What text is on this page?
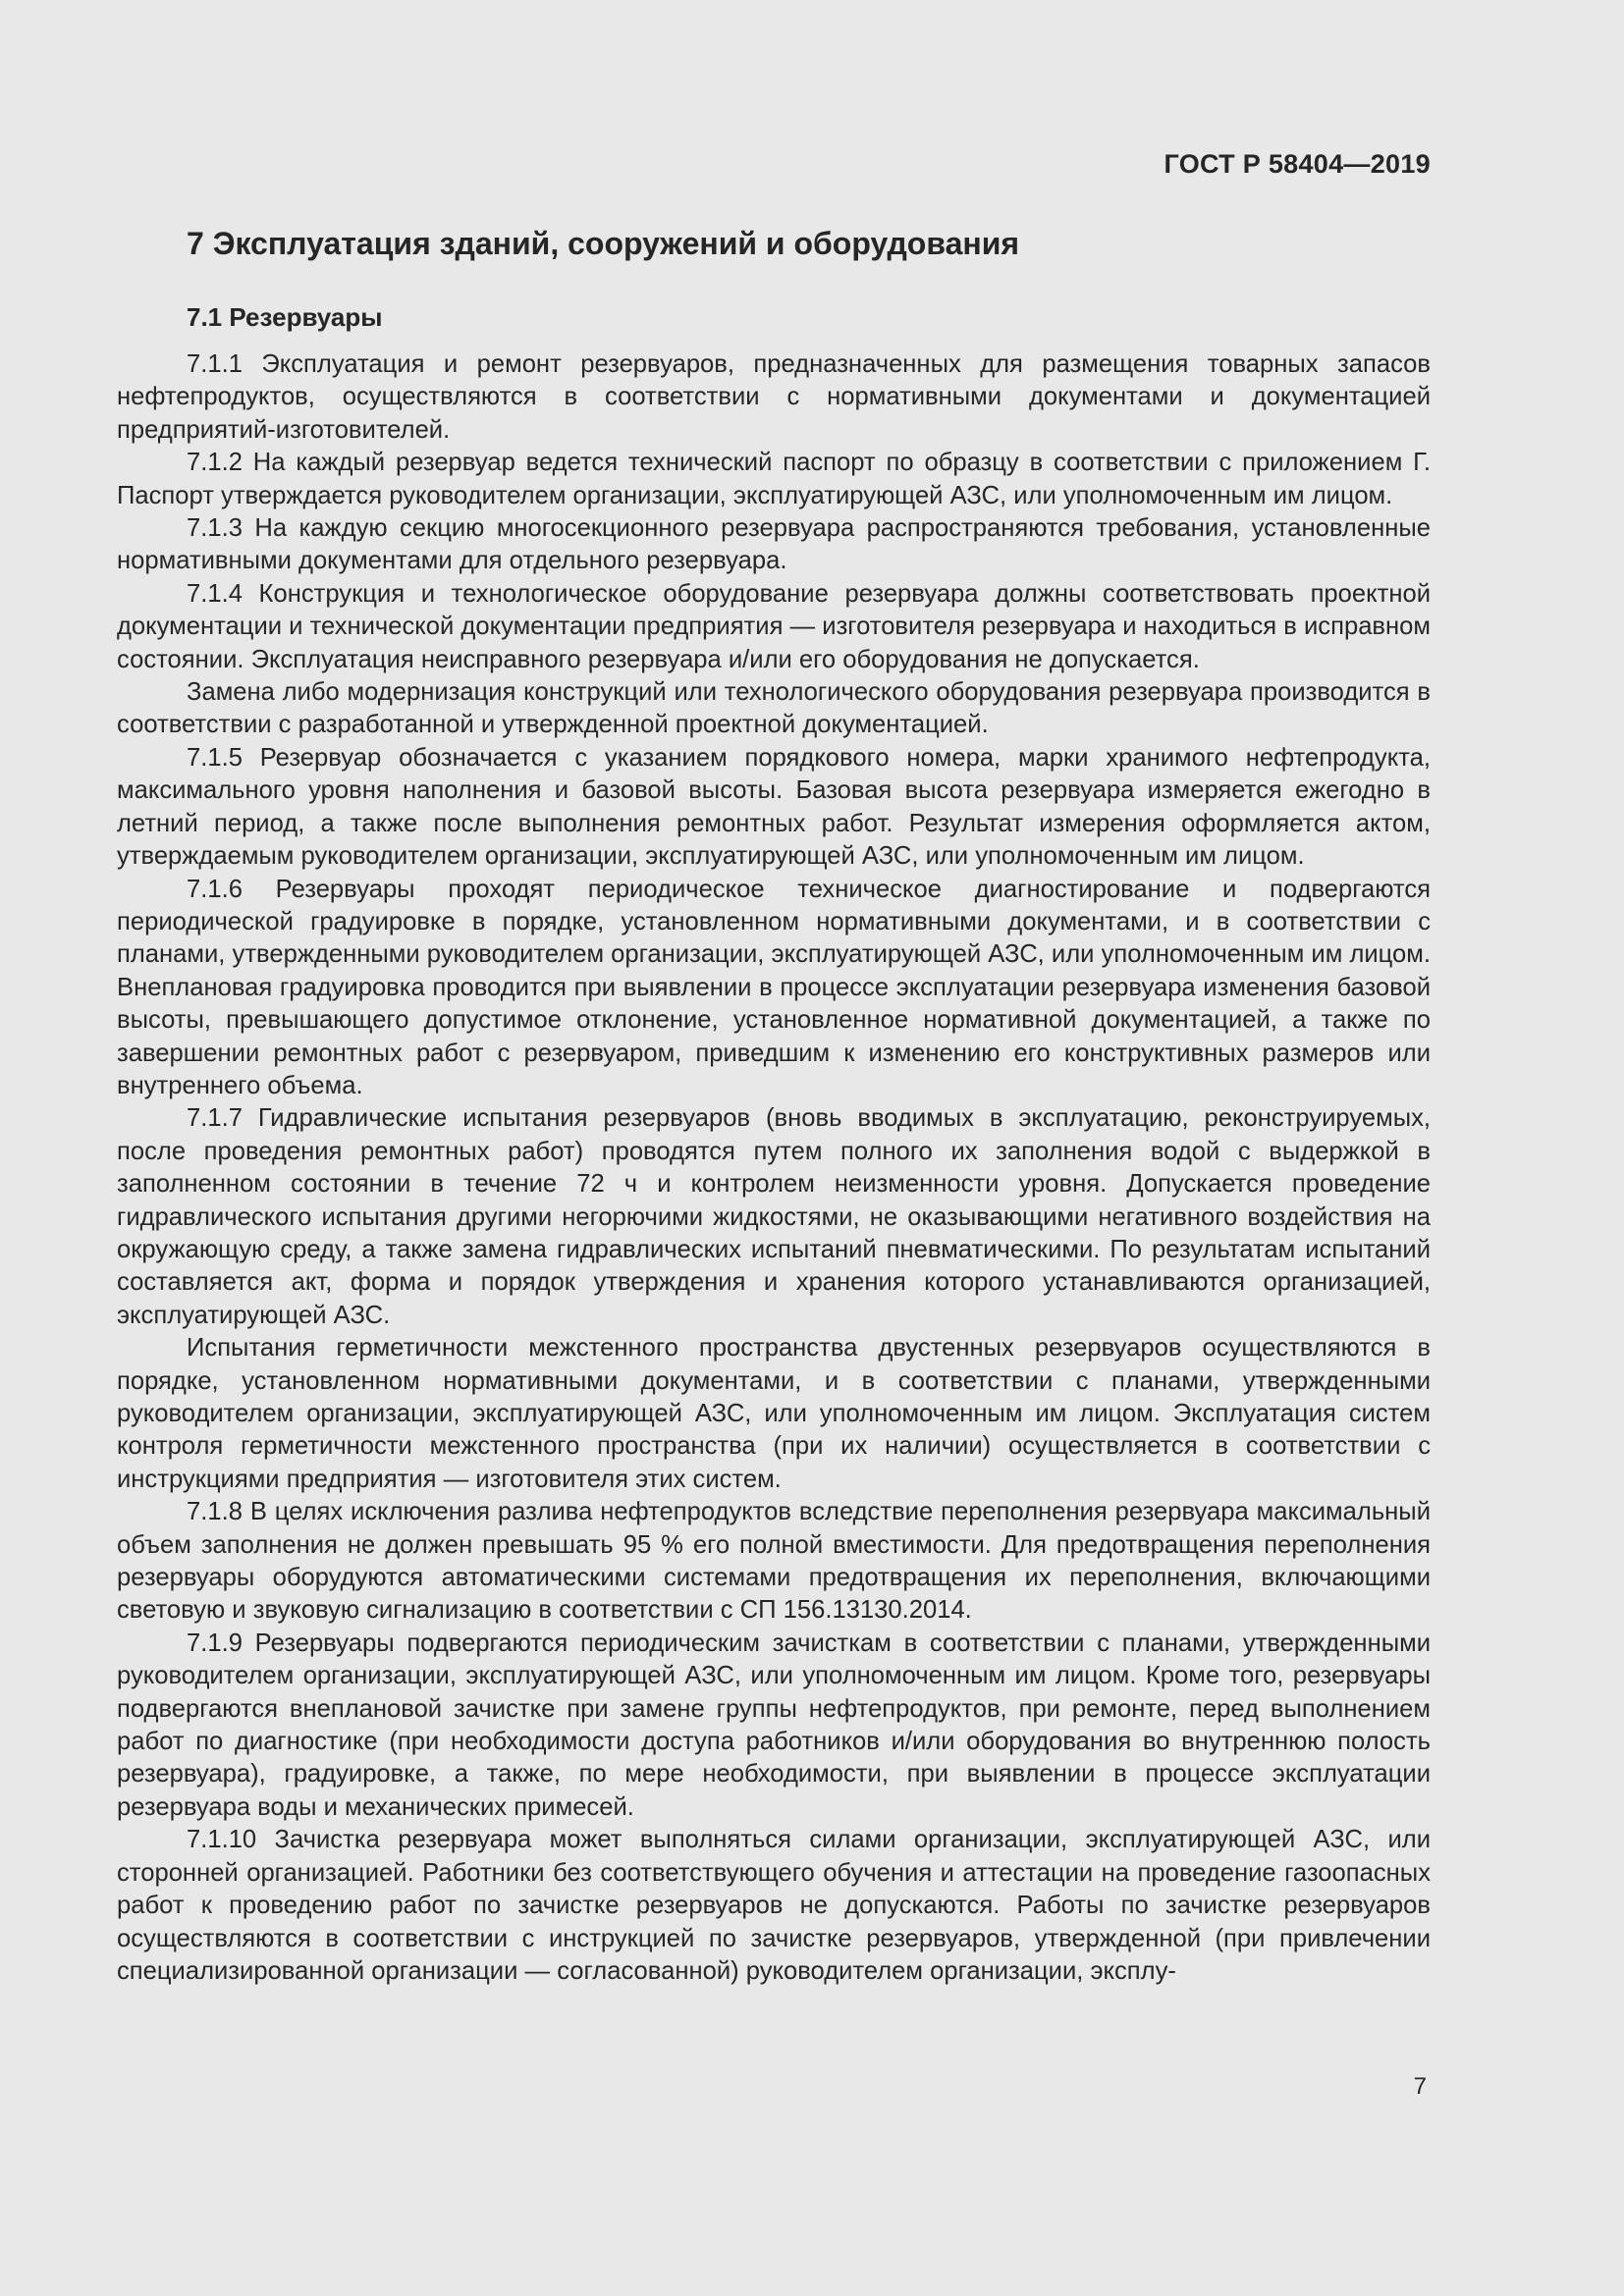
ГОСТ Р 58404—2019

7 Эксплуатация зданий, сооружений и оборудования
7.1 Резервуары

7.1.1 Эксплуатация и ремонт резервуаров, предназначенных для размещения товарных запасов нефтепродуктов, осуществляются в соответствии с нормативными документами и документацией предприятий-изготовителей.

7.1.2 На каждый резервуар ведется технический паспорт по образцу в соответствии с приложением Г. Паспорт утверждается руководителем организации, эксплуатирующей АЗС, или уполномоченным им лицом.

7.1.3 На каждую секцию многосекционного резервуара распространяются требования, установленные нормативными документами для отдельного резервуара.

7.1.4 Конструкция и технологическое оборудование резервуара должны соответствовать проектной документации и технической документации предприятия — изготовителя резервуара и находиться в исправном состоянии. Эксплуатация неисправного резервуара и/или его оборудования не допускается.

Замена либо модернизация конструкций или технологического оборудования резервуара производится в соответствии с разработанной и утвержденной проектной документацией.

7.1.5 Резервуар обозначается с указанием порядкового номера, марки хранимого нефтепродукта, максимального уровня наполнения и базовой высоты. Базовая высота резервуара измеряется ежегодно в летний период, а также после выполнения ремонтных работ. Результат измерения оформляется актом, утверждаемым руководителем организации, эксплуатирующей АЗС, или уполномоченным им лицом.

7.1.6 Резервуары проходят периодическое техническое диагностирование и подвергаются периодической градуировке в порядке, установленном нормативными документами, и в соответствии с планами, утвержденными руководителем организации, эксплуатирующей АЗС, или уполномоченным им лицом. Внеплановая градуировка проводится при выявлении в процессе эксплуатации резервуара изменения базовой высоты, превышающего допустимое отклонение, установленное нормативной документацией, а также по завершении ремонтных работ с резервуаром, приведшим к изменению его конструктивных размеров или внутреннего объема.

7.1.7 Гидравлические испытания резервуаров (вновь вводимых в эксплуатацию, реконструируемых, после проведения ремонтных работ) проводятся путем полного их заполнения водой с выдержкой в заполненном состоянии в течение 72 ч и контролем неизменности уровня. Допускается проведение гидравлического испытания другими негорючими жидкостями, не оказывающими негативного воздействия на окружающую среду, а также замена гидравлических испытаний пневматическими. По результатам испытаний составляется акт, форма и порядок утверждения и хранения которого устанавливаются организацией, эксплуатирующей АЗС.

Испытания герметичности межстенного пространства двустенных резервуаров осуществляются в порядке, установленном нормативными документами, и в соответствии с планами, утвержденными руководителем организации, эксплуатирующей АЗС, или уполномоченным им лицом. Эксплуатация систем контроля герметичности межстенного пространства (при их наличии) осуществляется в соответствии с инструкциями предприятия — изготовителя этих систем.

7.1.8 В целях исключения разлива нефтепродуктов вследствие переполнения резервуара максимальный объем заполнения не должен превышать 95 % его полной вместимости. Для предотвращения переполнения резервуары оборудуются автоматическими системами предотвращения их переполнения, включающими световую и звуковую сигнализацию в соответствии с СП 156.13130.2014.

7.1.9 Резервуары подвергаются периодическим зачисткам в соответствии с планами, утвержденными руководителем организации, эксплуатирующей АЗС, или уполномоченным им лицом. Кроме того, резервуары подвергаются внеплановой зачистке при замене группы нефтепродуктов, при ремонте, перед выполнением работ по диагностике (при необходимости доступа работников и/или оборудования во внутреннюю полость резервуара), градуировке, а также, по мере необходимости, при выявлении в процессе эксплуатации резервуара воды и механических примесей.

7.1.10 Зачистка резервуара может выполняться силами организации, эксплуатирующей АЗС, или сторонней организацией. Работники без соответствующего обучения и аттестации на проведение газоопасных работ к проведению работ по зачистке резервуаров не допускаются. Работы по зачистке резервуаров осуществляются в соответствии с инструкцией по зачистке резервуаров, утвержденной (при привлечении специализированной организации — согласованной) руководителем организации, эксплу-

7
